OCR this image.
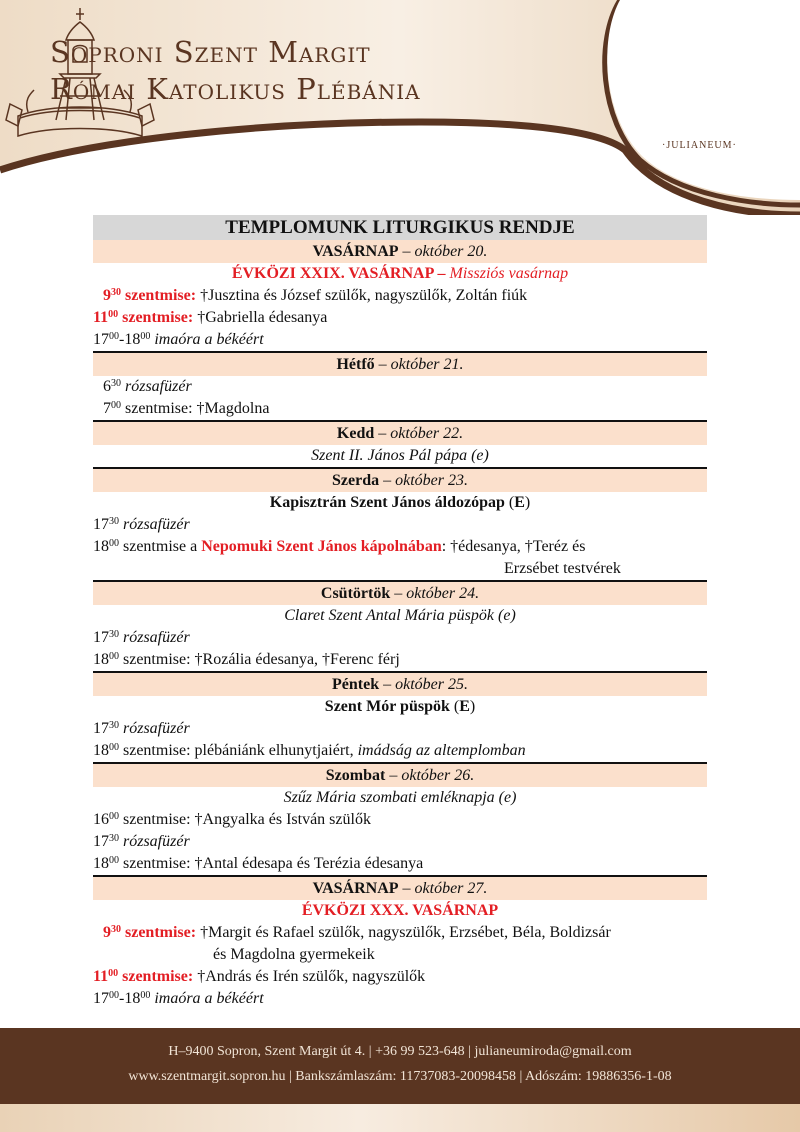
Soproni Szent Margit
Római Katolikus Plébánia
·JULIANEUM·
TEMPLOMUNK LITURGIKUS RENDJE
VASÁRNAP – október 20.
ÉVKÖZI XXIX. VASÁRNAP – Missziós vasárnap
$9^{30}$ szentmise: †Jusztina és József szülők, nagyszülők, Zoltán fiúk
$11^{00}$ szentmise: †Gabriella édesanya
$17^{00}-18^{00}$ imaóra a békéért
Hétfő – október 21.
$6^{30}$ rózsafüzér
$7^{00}$ szentmise: †Magdolna
Kedd – október 22.
Szent II. János Pál pápa (e)
Szerda – október 23.
Kapisztrán Szent János áldozópap (E)
$17^{30}$ rózsafüzér
$18^{00}$ szentmise a Nepomuki Szent János kápolnában: †édesanya, †Teréz és
Erzsébet testvérek
Csütörtök – október 24.
Claret Szent Antal Mária püspök (e)
$17^{30}$ rózsafüzér
$18^{00}$ szentmise: †Rozália édesanya, †Ferenc férj
Péntek – október 25.
Szent Mór püspök (E)
$17^{30}$ rózsafüzér
$18^{00}$ szentmise: plébániánk elhunytjaiért, imádság az altemplomban
Szombat – október 26.
Szűz Mária szombati emléknapja (e)
$16^{00}$ szentmise: †Angyalka és István szülők
$17^{30}$ rózsafüzér
$18^{00}$ szentmise: †Antal édesapa és Terézia édesanya
VASÁRNAP – október 27.
ÉVKÖZI XXX. VASÁRNAP
$9^{30}$ szentmise: †Margit és Rafael szülők, nagyszülők, Erzsébet, Béla, Boldizsár
és Magdolna gyermekeik
$11^{00}$ szentmise: †András és Irén szülők, nagyszülők
$17^{00}-18^{00}$ imaóra a békéért
H–9400 Sopron, Szent Margit út 4. | +36 99 523-648 | julianeumiroda@gmail.com
www.szentmargit.sopron.hu | Bankszámlaszám: 11737083-20098458 | Adószám: 19886356-1-08
